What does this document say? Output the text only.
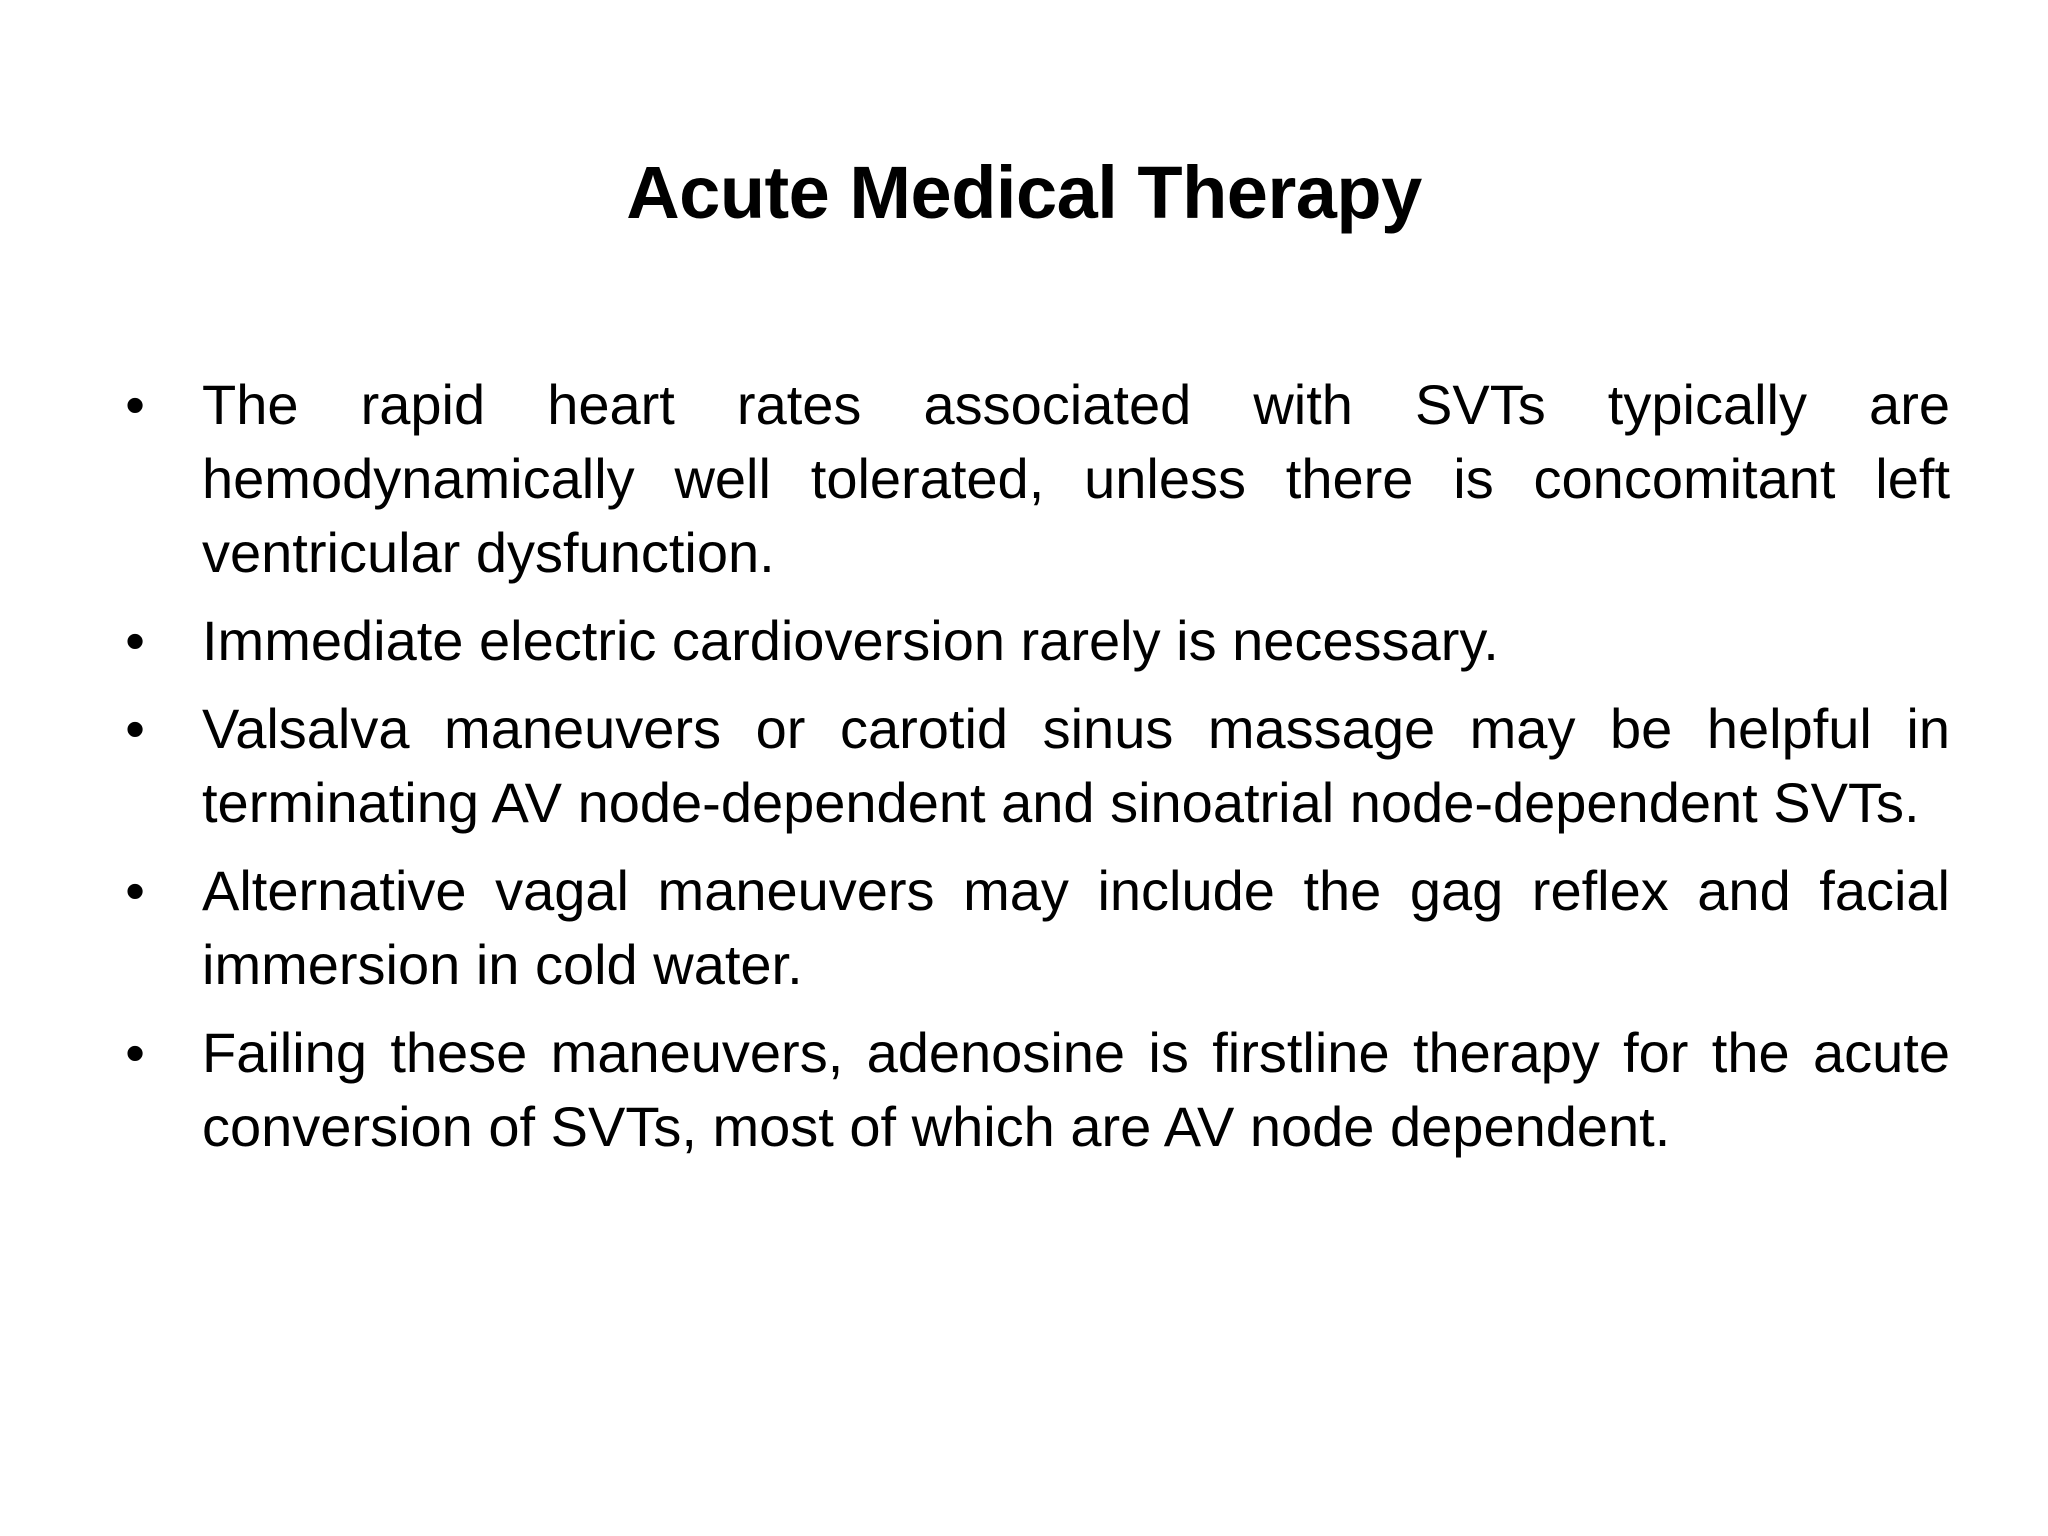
Acute Medical Therapy
• The rapid heart rates associated with SVTs typically are hemodynamically well tolerated, unless there is concomitant left ventricular dysfunction.
• Immediate electric cardioversion rarely is necessary.
• Valsalva maneuvers or carotid sinus massage may be helpful in terminating AV node-dependent and sinoatrial node-dependent SVTs.
• Alternative vagal maneuvers may include the gag reflex and facial immersion in cold water.
• Failing these maneuvers, adenosine is firstline therapy for the acute conversion of SVTs, most of which are AV node dependent.
